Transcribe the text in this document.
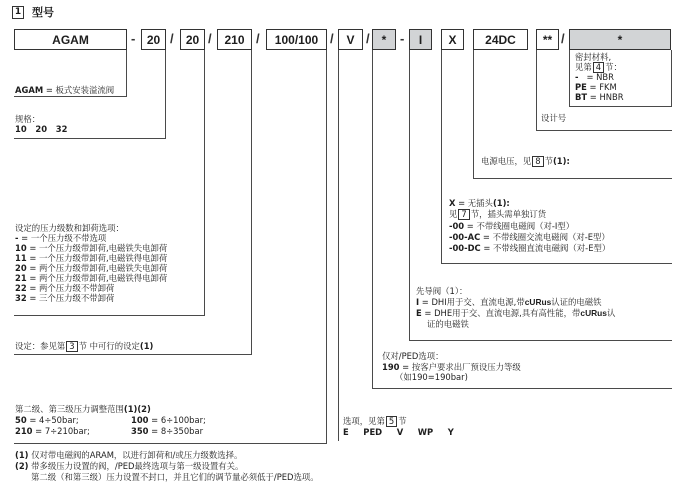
1 型号
AGAM	- 20 / 20 / 210 / 100/100 / V / * - I X 24DC ** /	*
AGAM = 板式安装溢流阀
规格：
10   20   32
设定的压力级数和卸荷选项：
- = 一个压力级不带选项
10 = 一个压力级带卸荷,电磁铁失电卸荷
11 = 一个压力级带卸荷,电磁铁得电卸荷
20 = 两个压力级带卸荷,电磁铁失电卸荷
21 = 两个压力级带卸荷,电磁铁得电卸荷
22 = 两个压力级不带卸荷
32 = 三个压力级不带卸荷
设定：参见第 3 节 中可行的设定(1)
第二级、第三级压力调整范围(1)(2)
50 = 4÷50bar;	100 = 6÷100bar;
210 = 7÷210bar;	350 = 8÷350bar
选项，见第 5 节
E     PED     V     WP     Y
仅对/PED选项：
190 = 按客户要求出厂预设压力等级
（如190=190bar)
先导阀（1）：
I = DHI用于交、直流电源,带cURus认证的电磁铁
E = DHE用于交、直流电源,具有高性能，带cURus认
证的电磁铁
X = 无插头(1):
见 7 节，插头需单独订货
-00 = 不带线圈电磁阀（对-I型）
-00-AC = 不带线圈交流电磁阀（对-E型）
-00-DC = 不带线圈直流电磁阀（对-E型）
电源电压，见 8 节(1):
设计号
密封材料,
见第 4 节：
-   = NBR
PE = FKM
BT = HNBR
(1) 仅对带电磁阀的ARAM，以进行卸荷和/或压力级数选择。
(2) 带多级压力设置的阀，/PED最终选项与第一级设置有关。
第二级（和第三级）压力设置不封口，并且它们的调节量必须低于/PED选项。
